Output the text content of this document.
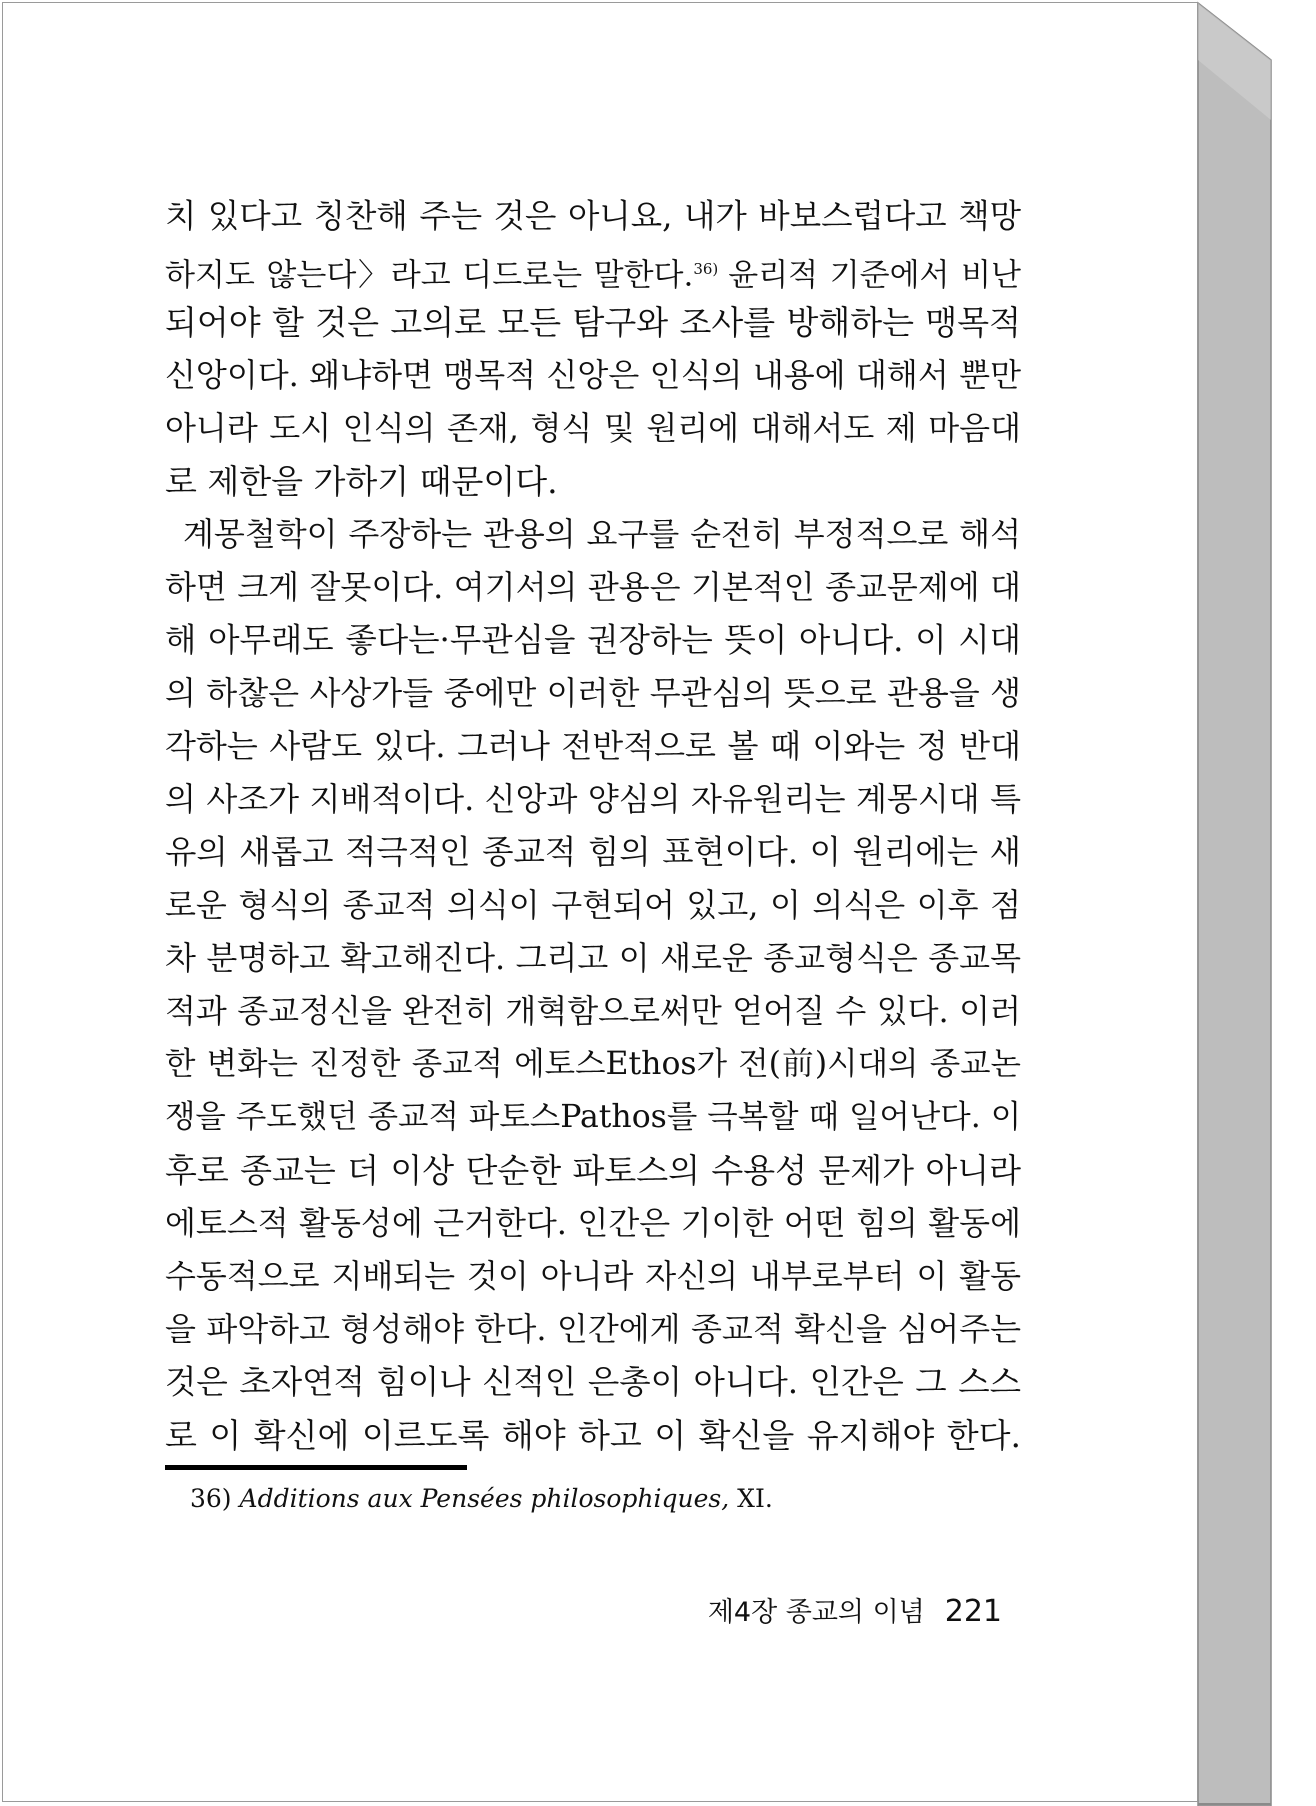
치 있다고 칭찬해 주는 것은 아니요, 내가 바보스럽다고 책망
하지도 않는다〉라고 디드로는 말한다.$^{36)}$ 윤리적 기준에서 비난
되어야 할 것은 고의로 모든 탐구와 조사를 방해하는 맹목적
신앙이다. 왜냐하면 맹목적 신앙은 인식의 내용에 대해서 뿐만
아니라 도시 인식의 존재, 형식 및 원리에 대해서도 제 마음대
로 제한을 가하기 때문이다.
계몽철학이 주장하는 관용의 요구를 순전히 부정적으로 해석
하면 크게 잘못이다. 여기서의 관용은 기본적인 종교문제에 대
해 아무래도 좋다는·무관심을 권장하는 뜻이 아니다. 이 시대
의 하찮은 사상가들 중에만 이러한 무관심의 뜻으로 관용을 생
각하는 사람도 있다. 그러나 전반적으로 볼 때 이와는 정 반대
의 사조가 지배적이다. 신앙과 양심의 자유원리는 계몽시대 특
유의 새롭고 적극적인 종교적 힘의 표현이다. 이 원리에는 새
로운 형식의 종교적 의식이 구현되어 있고, 이 의식은 이후 점
차 분명하고 확고해진다. 그리고 이 새로운 종교형식은 종교목
적과 종교정신을 완전히 개혁함으로써만 얻어질 수 있다. 이러
한 변화는 진정한 종교적 에토스Ethos가 전(前)시대의 종교논
쟁을 주도했던 종교적 파토스Pathos를 극복할 때 일어난다. 이
후로 종교는 더 이상 단순한 파토스의 수용성 문제가 아니라
에토스적 활동성에 근거한다. 인간은 기이한 어떤 힘의 활동에
수동적으로 지배되는 것이 아니라 자신의 내부로부터 이 활동
을 파악하고 형성해야 한다. 인간에게 종교적 확신을 심어주는
것은 초자연적 힘이나 신적인 은총이 아니다. 인간은 그 스스
로 이 확신에 이르도록 해야 하고 이 확신을 유지해야 한다.
36) Additions aux Pensées philosophiques, XI.
제4장 종교의 이념 221
